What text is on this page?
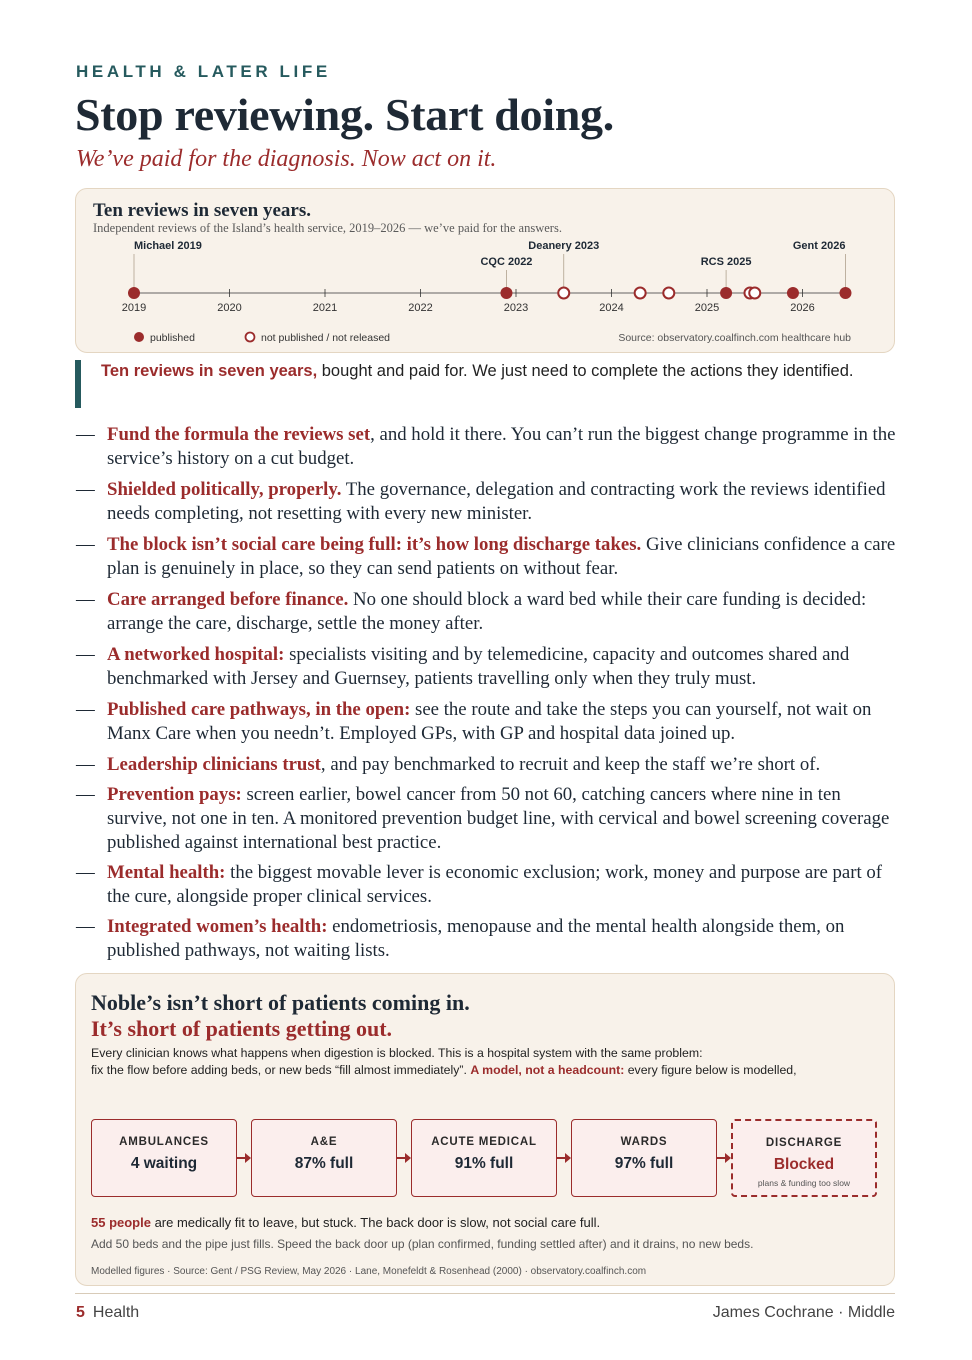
HEALTH & LATER LIFE
Stop reviewing. Start doing.
We’ve paid for the diagnosis. Now act on it.
Ten reviews in seven years.
Independent reviews of the Island’s health service, 2019–2026 — we’ve paid for the answers.
2019	2020	2021	2022	2023	2024	2025	2026
Michael 2019
CQC 2022
Deanery 2023
RCS 2025
Gent 2026
published	not published / not released	Source: observatory.coalfinch.com healthcare hub
Ten reviews in seven years, bought and paid for. We just need to complete the actions they identified.
— Fund the formula the reviews set, and hold it there. You can’t run the biggest change programme in the service’s history on a cut budget.
— Shielded politically, properly. The governance, delegation and contracting work the reviews identified needs completing, not resetting with every new minister.
— The block isn’t social care being full: it’s how long discharge takes. Give clinicians confidence a care plan is genuinely in place, so they can send patients on without fear.
— Care arranged before finance. No one should block a ward bed while their care funding is decided: arrange the care, discharge, settle the money after.
— A networked hospital: specialists visiting and by telemedicine, capacity and outcomes shared and benchmarked with Jersey and Guernsey, patients travelling only when they truly must.
— Published care pathways, in the open: see the route and take the steps you can yourself, not wait on Manx Care when you needn’t. Employed GPs, with GP and hospital data joined up.
— Leadership clinicians trust, and pay benchmarked to recruit and keep the staff we’re short of.
— Prevention pays: screen earlier, bowel cancer from 50 not 60, catching cancers where nine in ten survive, not one in ten. A monitored prevention budget line, with cervical and bowel screening coverage published against international best practice.
— Mental health: the biggest movable lever is economic exclusion; work, money and purpose are part of the cure, alongside proper clinical services.
— Integrated women’s health: endometriosis, menopause and the mental health alongside them, on published pathways, not waiting lists.
Noble’s isn’t short of patients coming in.
It’s short of patients getting out.
Every clinician knows what happens when digestion is blocked. This is a hospital system with the same problem:
fix the flow before adding beds, or new beds “fill almost immediately”. A model, not a headcount: every figure below is modelled,
AMBULANCES
4 waiting
A&E
87% full
ACUTE MEDICAL
91% full
WARDS
97% full
DISCHARGE
Blocked
plans & funding too slow
55 people are medically fit to leave, but stuck. The back door is slow, not social care full.
Add 50 beds and the pipe just fills. Speed the back door up (plan confirmed, funding settled after) and it drains, no new beds.
Modelled figures · Source: Gent / PSG Review, May 2026 · Lane, Monefeldt & Rosenhead (2000) · observatory.coalfinch.com
5 Health	James Cochrane · Middle
